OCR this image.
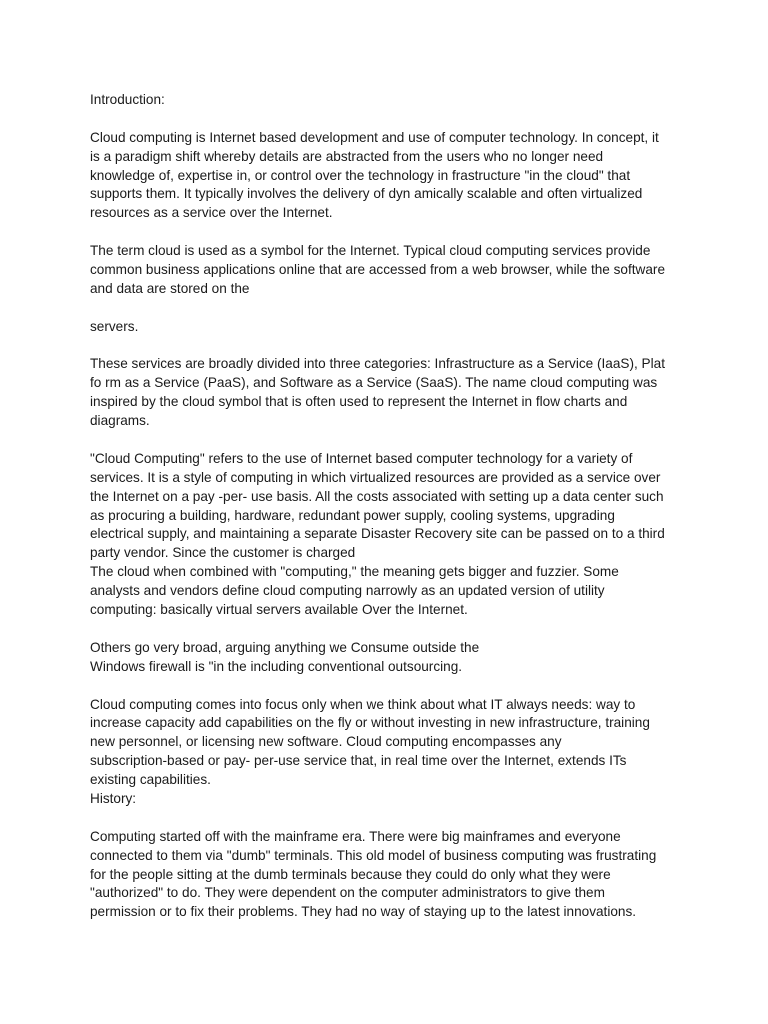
Introduction:
Cloud computing is Internet based development and use of computer technology. In concept, it
is a paradigm shift whereby details are abstracted from the users who no longer need
knowledge of, expertise in, or control over the technology in frastructure "in the cloud" that
supports them. It typically involves the delivery of dyn amically scalable and often virtualized
resources as a service over the Internet.
The term cloud is used as a symbol for the Internet. Typical cloud computing services provide
common business applications online that are accessed from a web browser, while the software
and data are stored on the
servers.
These services are broadly divided into three categories: Infrastructure as a Service (IaaS), Plat
fo rm as a Service (PaaS), and Software as a Service (SaaS). The name cloud computing was
inspired by the cloud symbol that is often used to represent the Internet in flow charts and
diagrams.
"Cloud Computing" refers to the use of Internet based computer technology for a variety of
services. It is a style of computing in which virtualized resources are provided as a service over
the Internet on a pay -per- use basis. All the costs associated with setting up a data center such
as procuring a building, hardware, redundant power supply, cooling systems, upgrading
electrical supply, and maintaining a separate Disaster Recovery site can be passed on to a third
party vendor. Since the customer is charged
The cloud when combined with "computing," the meaning gets bigger and fuzzier. Some
analysts and vendors define cloud computing narrowly as an updated version of utility
computing: basically virtual servers available Over the Internet.
Others go very broad, arguing anything we Consume outside the
Windows firewall is "in the including conventional outsourcing.
Cloud computing comes into focus only when we think about what IT always needs: way to
increase capacity add capabilities on the fly or without investing in new infrastructure, training
new personnel, or licensing new software. Cloud computing encompasses any
subscription-based or pay- per-use service that, in real time over the Internet, extends ITs
existing capabilities.
History:
Computing started off with the mainframe era. There were big mainframes and everyone
connected to them via "dumb" terminals. This old model of business computing was frustrating
for the people sitting at the dumb terminals because they could do only what they were
"authorized" to do. They were dependent on the computer administrators to give them
permission or to fix their problems. They had no way of staying up to the latest innovations.
